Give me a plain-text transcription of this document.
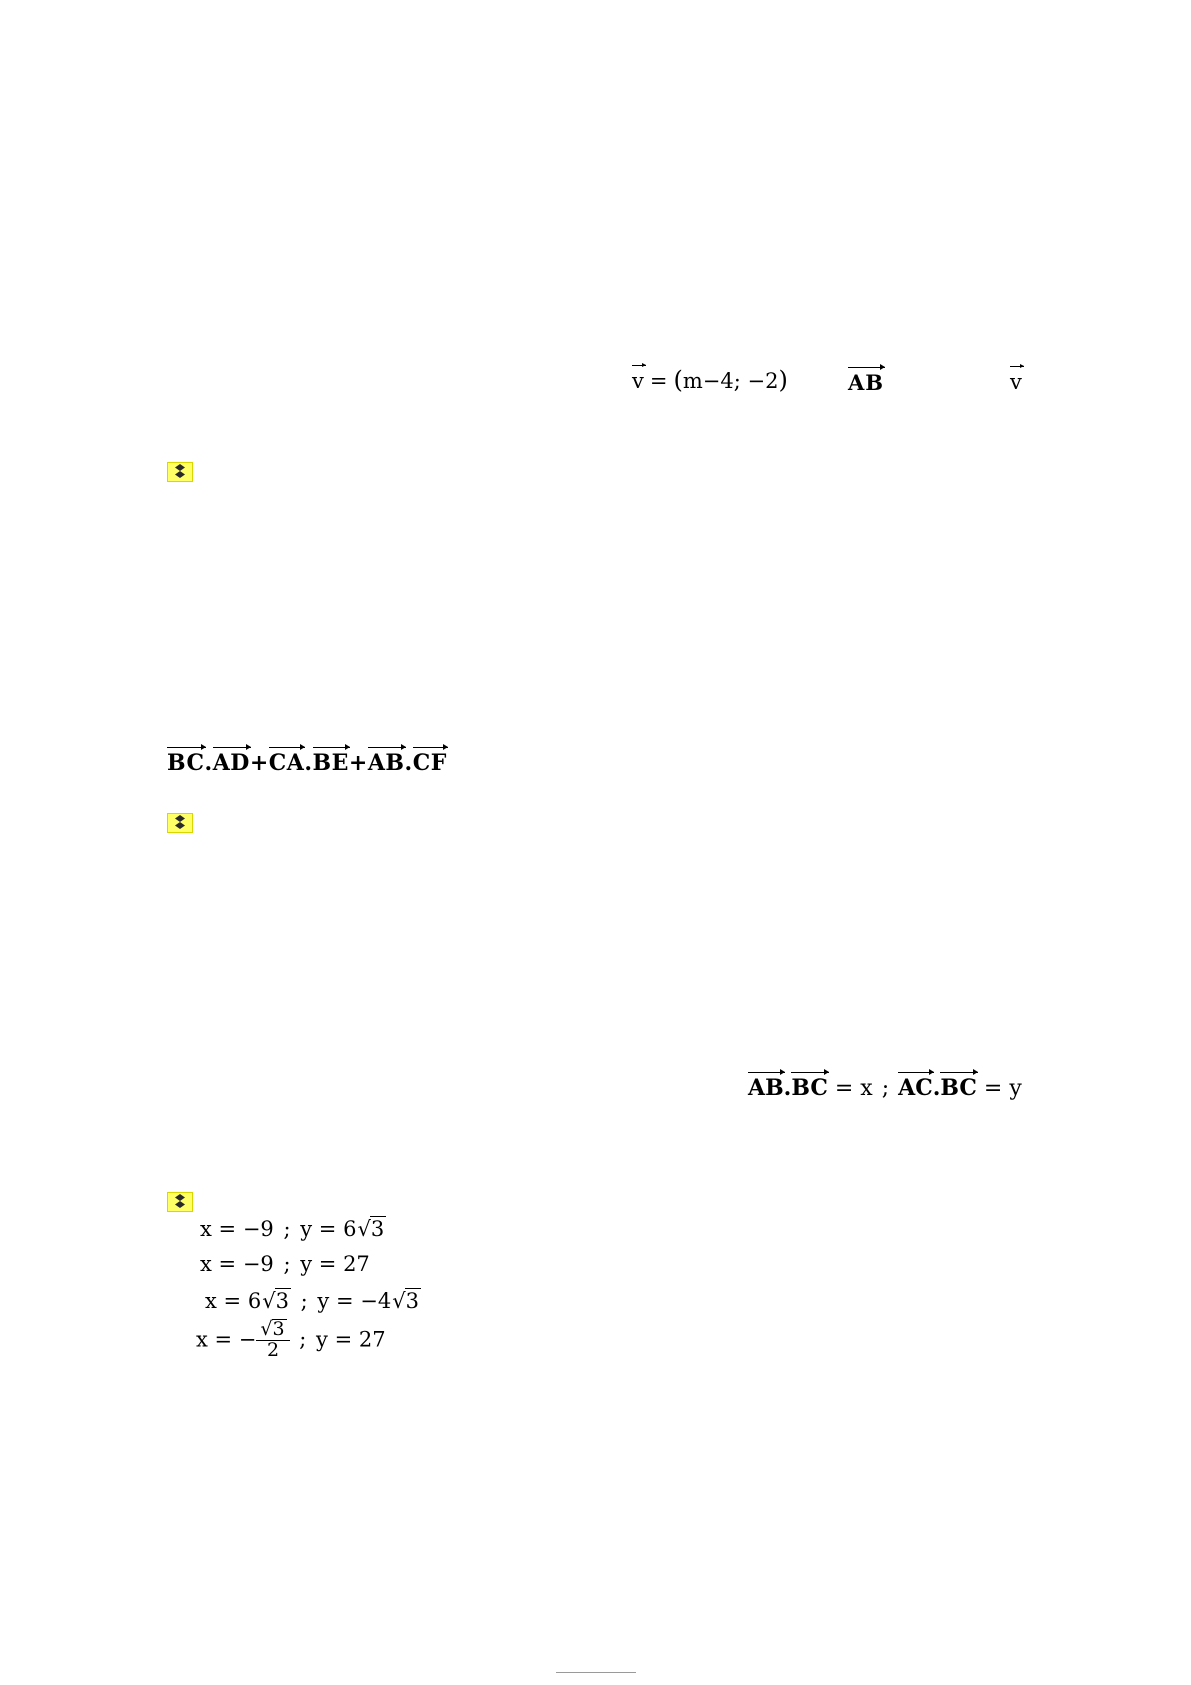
v = (m−4; −2)	AB	v
BC.AD+CA.BE+AB.CF
AB.BC = x ; AC.BC = y
x = −9 ; y = 6√3
x = −9 ; y = 27
x = 6√3 ; y = −4√3
x = − $\frac{√3}{2}$ ; y = 27
